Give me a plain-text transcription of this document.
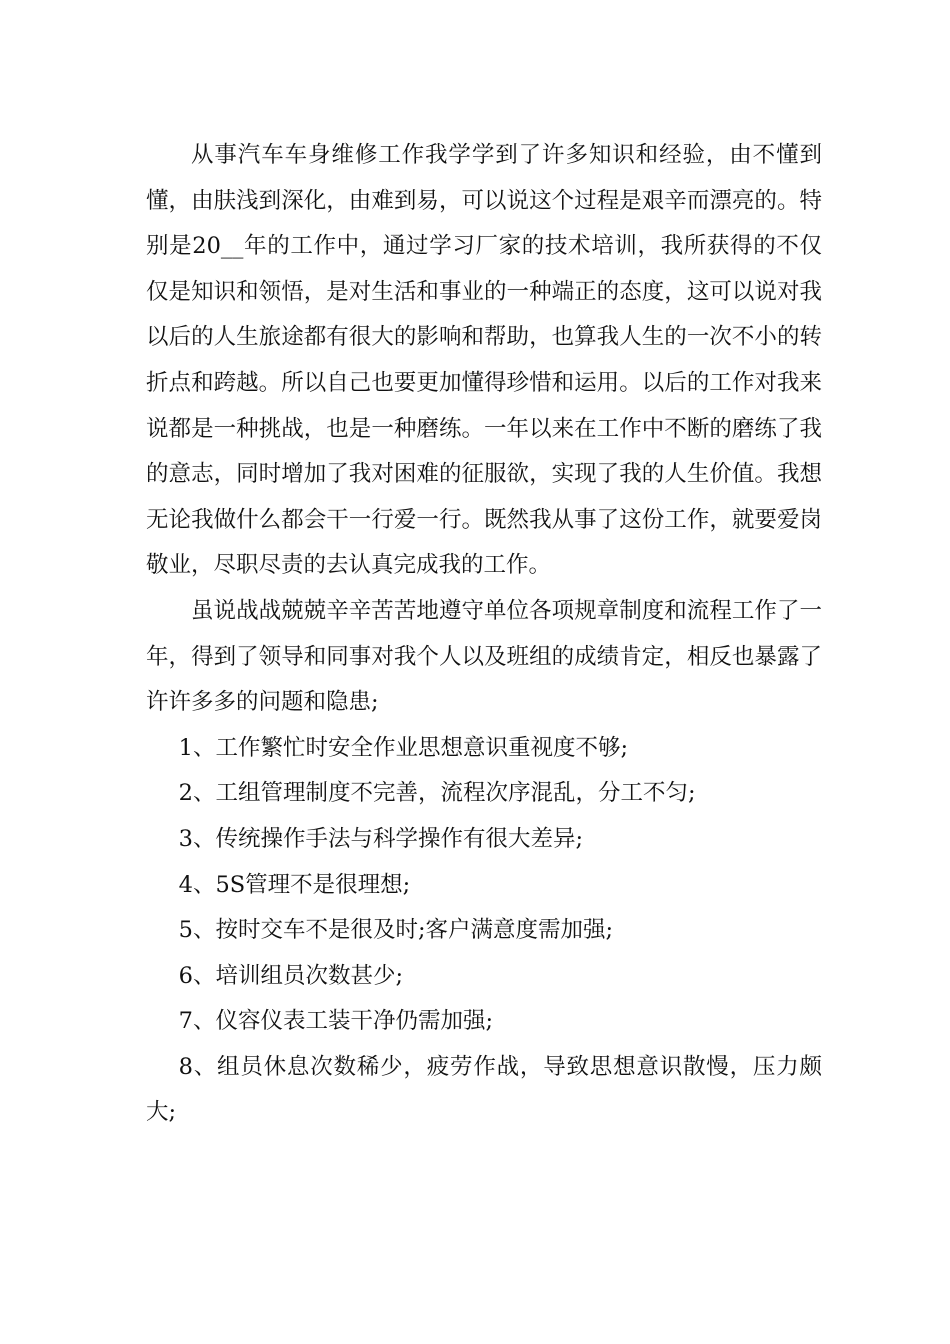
从事汽车车身维修工作我学学到了许多知识和经验，由不懂到懂，由肤浅到深化，由难到易，可以说这个过程是艰辛而漂亮的。特别是20__年的工作中，通过学习厂家的技术培训，我所获得的不仅仅是知识和领悟，是对生活和事业的一种端正的态度，这可以说对我以后的人生旅途都有很大的影响和帮助，也算我人生的一次不小的转折点和跨越。所以自己也要更加懂得珍惜和运用。以后的工作对我来说都是一种挑战，也是一种磨练。一年以来在工作中不断的磨练了我的意志，同时增加了我对困难的征服欲，实现了我的人生价值。我想无论我做什么都会干一行爱一行。既然我从事了这份工作，就要爱岗敬业，尽职尽责的去认真完成我的工作。

虽说战战兢兢辛辛苦苦地遵守单位各项规章制度和流程工作了一年，得到了领导和同事对我个人以及班组的成绩肯定，相反也暴露了许许多多的问题和隐患;

1、工作繁忙时安全作业思想意识重视度不够;

2、工组管理制度不完善，流程次序混乱，分工不匀;

3、传统操作手法与科学操作有很大差异;

4、5S管理不是很理想;

5、按时交车不是很及时;客户满意度需加强;

6、培训组员次数甚少;

7、仪容仪表工装干净仍需加强;

8、组员休息次数稀少，疲劳作战，导致思想意识散慢，压力颇大;
